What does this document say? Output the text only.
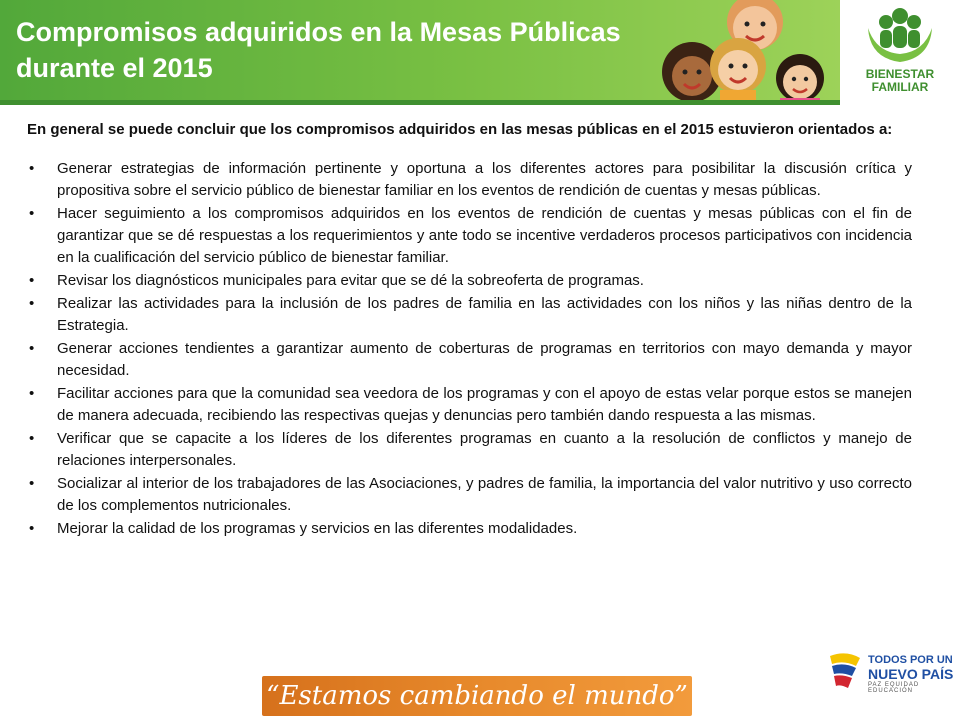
Compromisos adquiridos en la Mesas Públicas
durante el 2015	BIENESTAR
FAMILIAR

En general se puede concluir que los compromisos adquiridos en las mesas públicas en el 2015 estuvieron orientados a:

• Generar estrategias de información pertinente y oportuna a los diferentes actores para posibilitar la discusión crítica y propositiva sobre el servicio público de bienestar familiar en los eventos de rendición de cuentas y mesas públicas.
• Hacer seguimiento a los compromisos adquiridos en los eventos de rendición de cuentas y mesas públicas con el fin de garantizar que se dé respuestas a los requerimientos y ante todo se incentive verdaderos procesos participativos con incidencia en la cualificación del servicio público de bienestar familiar.
• Revisar los diagnósticos municipales para evitar que se dé la sobreoferta de programas.
• Realizar las actividades para la inclusión de los padres de familia en las actividades con los niños y las niñas dentro de la Estrategia.
• Generar acciones tendientes a garantizar aumento de coberturas de programas en territorios con mayo demanda y mayor necesidad.
• Facilitar acciones para que la comunidad sea veedora de los programas y con el apoyo de estas velar porque estos se manejen de manera adecuada, recibiendo las respectivas quejas y denuncias pero también dando respuesta a las mismas.
• Verificar que se capacite a los líderes de los diferentes programas en cuanto a la resolución de conflictos y manejo de relaciones interpersonales.
• Socializar al interior de los trabajadores de las Asociaciones, y padres de familia, la importancia del valor nutritivo y uso correcto de los complementos nutricionales.
• Mejorar la calidad de los programas y servicios en las diferentes modalidades.
“Estamos cambiando el mundo”
TODOS POR UN
NUEVO PAÍS
PAZ EQUIDAD EDUCACIÓN
